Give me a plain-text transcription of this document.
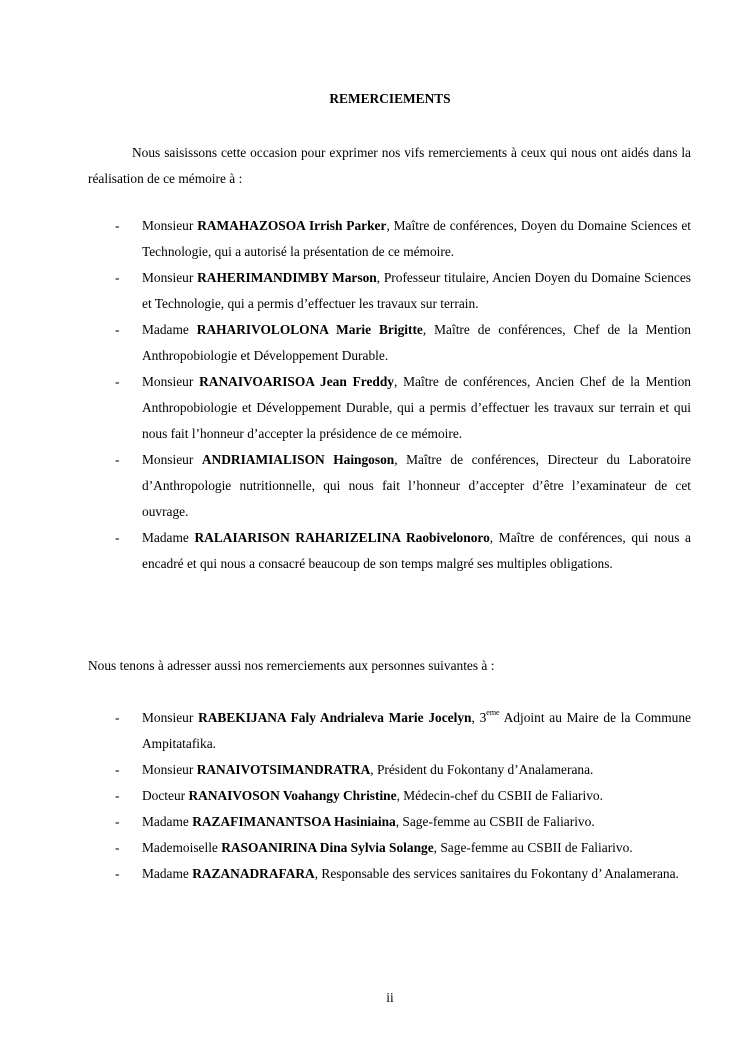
REMERCIEMENTS

Nous saisissons cette occasion pour exprimer nos vifs remerciements à ceux qui nous ont aidés dans la réalisation de ce mémoire à :

- Monsieur RAMAHAZOSOA Irrish Parker, Maître de conférences, Doyen du Domaine Sciences et Technologie, qui a autorisé la présentation de ce mémoire.
- Monsieur RAHERIMANDIMBY Marson, Professeur titulaire, Ancien Doyen du Domaine Sciences et Technologie, qui a permis d’effectuer les travaux sur terrain.
- Madame RAHARIVOLOLONA Marie Brigitte, Maître de conférences, Chef de la Mention Anthropobiologie et Développement Durable.
- Monsieur RANAIVOARISOA Jean Freddy, Maître de conférences, Ancien Chef de la Mention Anthropobiologie et Développement Durable, qui a permis d’effectuer les travaux sur terrain et qui nous fait l’honneur d’accepter la présidence de ce mémoire.
- Monsieur ANDRIAMIALISON Haingoson, Maître de conférences, Directeur du Laboratoire d’Anthropologie nutritionnelle, qui nous fait l’honneur d’accepter d’être l’examinateur de cet ouvrage.
- Madame RALAIARISON RAHARIZELINA Raobivelonoro, Maître de conférences, qui nous a encadré et qui nous a consacré beaucoup de son temps malgré ses multiples obligations.

Nous tenons à adresser aussi nos remerciements aux personnes suivantes à :

- Monsieur RABEKIJANA Faly Andrialeva Marie Jocelyn, 3eme Adjoint au Maire de la Commune Ampitatafika.
- Monsieur RANAIVOTSIMANDRATRA, Président du Fokontany d’Analamerana.
- Docteur RANAIVOSON Voahangy Christine, Médecin-chef du CSBII de Faliarivo.
- Madame RAZAFIMANANTSOA Hasiniaina, Sage-femme au CSBII de Faliarivo.
- Mademoiselle RASOANIRINA Dina Sylvia Solange, Sage-femme au CSBII de Faliarivo.
- Madame RAZANADRAFARA, Responsable des services sanitaires du Fokontany d’ Analamerana.
ii
